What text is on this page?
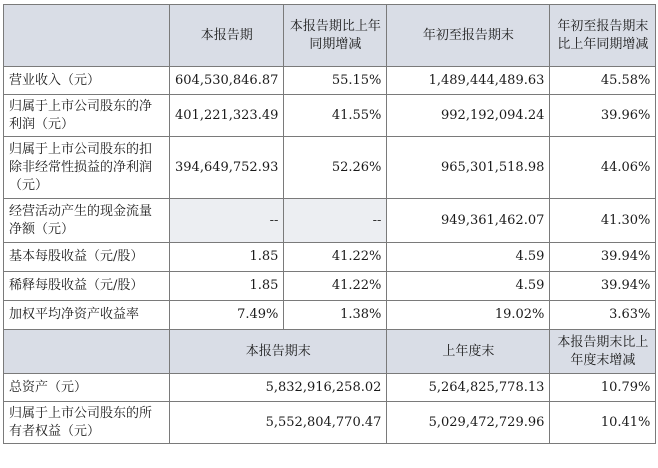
	本报告期	本报告期比上年同期增减	年初至报告期末	年初至报告期末比上年同期增减
营业收入（元）	604,530,846.87	55.15%	1,489,444,489.63	45.58%
归属于上市公司股东的净利润（元）	401,221,323.49	41.55%	992,192,094.24	39.96%
归属于上市公司股东的扣除非经常性损益的净利润（元）	394,649,752.93	52.26%	965,301,518.98	44.06%
经营活动产生的现金流量净额（元）	--	--	949,361,462.07	41.30%
基本每股收益（元/股）	1.85	41.22%	4.59	39.94%
稀释每股收益（元/股）	1.85	41.22%	4.59	39.94%
加权平均净资产收益率	7.49%	1.38%	19.02%	3.63%
	本报告期末		上年度末	本报告期末比上年度末增减
总资产（元）	5,832,916,258.02		5,264,825,778.13	10.79%
归属于上市公司股东的所有者权益（元）	5,552,804,770.47		5,029,472,729.96	10.41%
